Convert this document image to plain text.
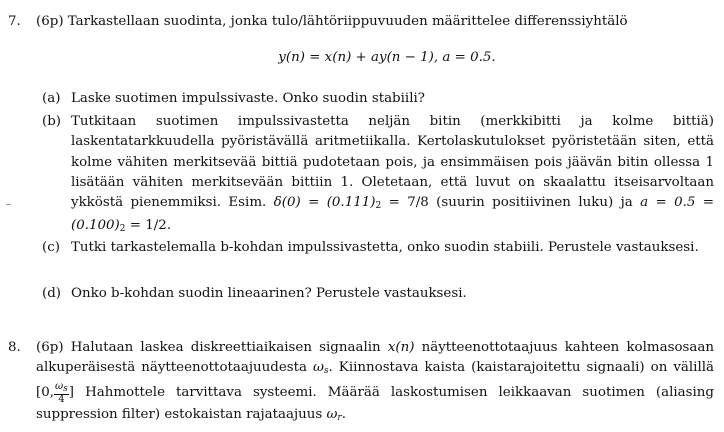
7. (6p) Tarkastellaan suodinta, jonka tulo/lähtöriippuvuuden määrittelee differenssiyhtälö
y(n) = x(n) + ay(n − 1), a = 0.5.
(a) Laske suotimen impulssivaste. Onko suodin stabiili?
(b) Tutkitaan suotimen impulssivastetta neljän bitin (merkkibitti ja kolme bittiä) laskentatarkkuudella pyöristävällä aritmetiikalla. Kertolaskutulokset pyöristetään siten, että kolme vähiten merkitsevää bittiä pudotetaan pois, ja ensimmäisen pois jäävän bitin ollessa 1 lisätään vähiten merkitsevään bittiin 1. Oletetaan, että luvut on skaalattu itseisarvoltaan ykköstä pienemmiksi. Esim. $\delta(0) = (0.111)_2 = 7/8$ (suurin positiivinen luku) ja $a = 0.5 = (0.100)_2 = 1/2$.
–
(c) Tutki tarkastelemalla b-kohdan impulssivastetta, onko suodin stabiili. Perustele vastauksesi.
(d) Onko b-kohdan suodin lineaarinen? Perustele vastauksesi.
8. (6p) Halutaan laskea diskreettiaikaisen signaalin x(n) näytteenottotaajuus kahteen kolmasosaan alkuperäisestä näytteenottotaajuudesta $\omega_s$. Kiinnostava kaista (kaistarajoitettu signaali) on välillä [0, $\frac{\omega s}{4}$ ] Hahmottele tarvittava systeemi. Määrää laskostumisen leikkaavan suotimen (aliasing suppression filter) estokaistan rajataajuus $\omega_r$.
